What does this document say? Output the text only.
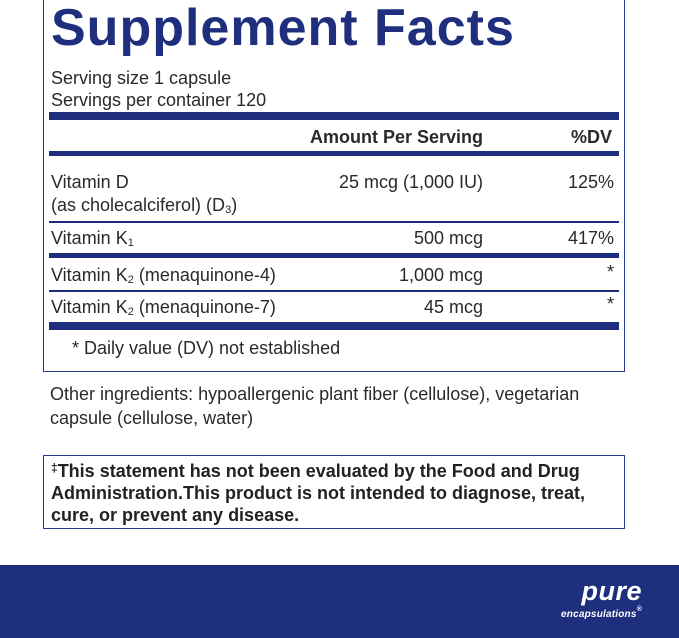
Supplement Facts
Serving size 1 capsule
Servings per container 120
Amount Per Serving	%DV
Vitamin D
(as cholecalciferol) $(D_3)$
25 mcg (1,000 IU)	125%
Vitamin $K_1$	500 mcg	417%
Vitamin $K_2$ (menaquinone-4)	1,000 mcg	*
Vitamin $K_2$ (menaquinone-7)	45 mcg	*
* Daily value (DV) not established
Other ingredients: hypoallergenic plant fiber (cellulose), vegetarian capsule (cellulose, water)
‡This statement has not been evaluated by the Food and Drug Administration.This product is not intended to diagnose, treat, cure, or prevent any disease.
pure
encapsulations®
